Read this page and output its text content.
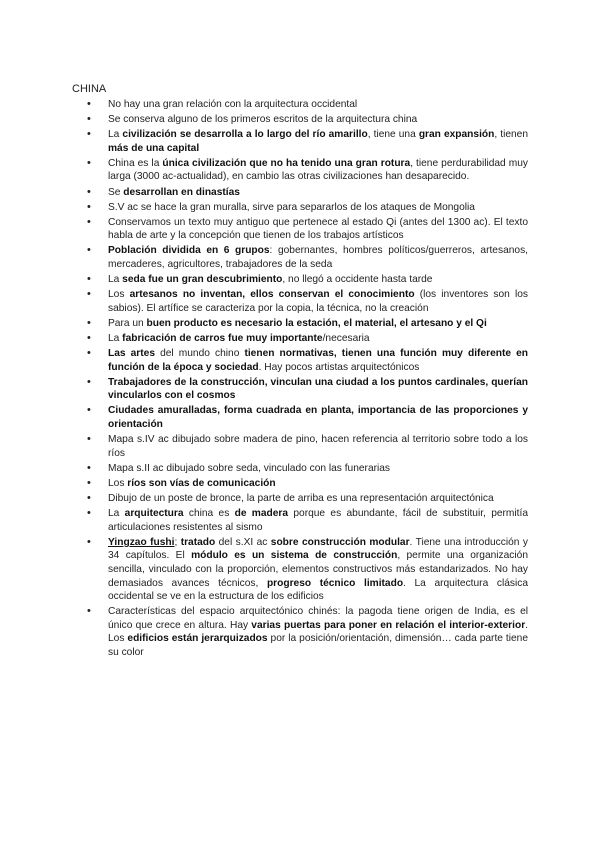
CHINA
• No hay una gran relación con la arquitectura occidental
• Se conserva alguno de los primeros escritos de la arquitectura china
• La civilización se desarrolla a lo largo del río amarillo, tiene una gran expansión, tienen más de una capital
• China es la única civilización que no ha tenido una gran rotura, tiene perdurabilidad muy larga (3000 ac-actualidad), en cambio las otras civilizaciones han desaparecido.
• Se desarrollan en dinastías
• S.V ac se hace la gran muralla, sirve para separarlos de los ataques de Mongolia
• Conservamos un texto muy antiguo que pertenece al estado Qi (antes del 1300 ac). El texto habla de arte y la concepción que tienen de los trabajos artísticos
• Población dividida en 6 grupos: gobernantes, hombres políticos/guerreros, artesanos, mercaderes, agricultores, trabajadores de la seda
• La seda fue un gran descubrimiento, no llegó a occidente hasta tarde
• Los artesanos no inventan, ellos conservan el conocimiento (los inventores son los sabios). El artífice se caracteriza por la copia, la técnica, no la creación
• Para un buen producto es necesario la estación, el material, el artesano y el Qi
• La fabricación de carros fue muy importante/necesaria
• Las artes del mundo chino tienen normativas, tienen una función muy diferente en función de la época y sociedad. Hay pocos artistas arquitectónicos
• Trabajadores de la construcción, vinculan una ciudad a los puntos cardinales, querían vincularlos con el cosmos
• Ciudades amuralladas, forma cuadrada en planta, importancia de las proporciones y orientación
• Mapa s.IV ac dibujado sobre madera de pino, hacen referencia al territorio sobre todo a los ríos
• Mapa s.II ac dibujado sobre seda, vinculado con las funerarias
• Los ríos son vías de comunicación
• Dibujo de un poste de bronce, la parte de arriba es una representación arquitectónica
• La arquitectura china es de madera porque es abundante, fácil de substituir, permitía articulaciones resistentes al sismo
• Yingzao fushi; tratado del s.XI ac sobre construcción modular. Tiene una introducción y 34 capítulos. El módulo es un sistema de construcción, permite una organización sencilla, vinculado con la proporción, elementos constructivos más estandarizados. No hay demasiados avances técnicos, progreso técnico limitado. La arquitectura clásica occidental se ve en la estructura de los edificios
• Características del espacio arquitectónico chinés: la pagoda tiene origen de India, es el único que crece en altura. Hay varias puertas para poner en relación el interior-exterior. Los edificios están jerarquizados por la posición/orientación, dimensión… cada parte tiene su color
